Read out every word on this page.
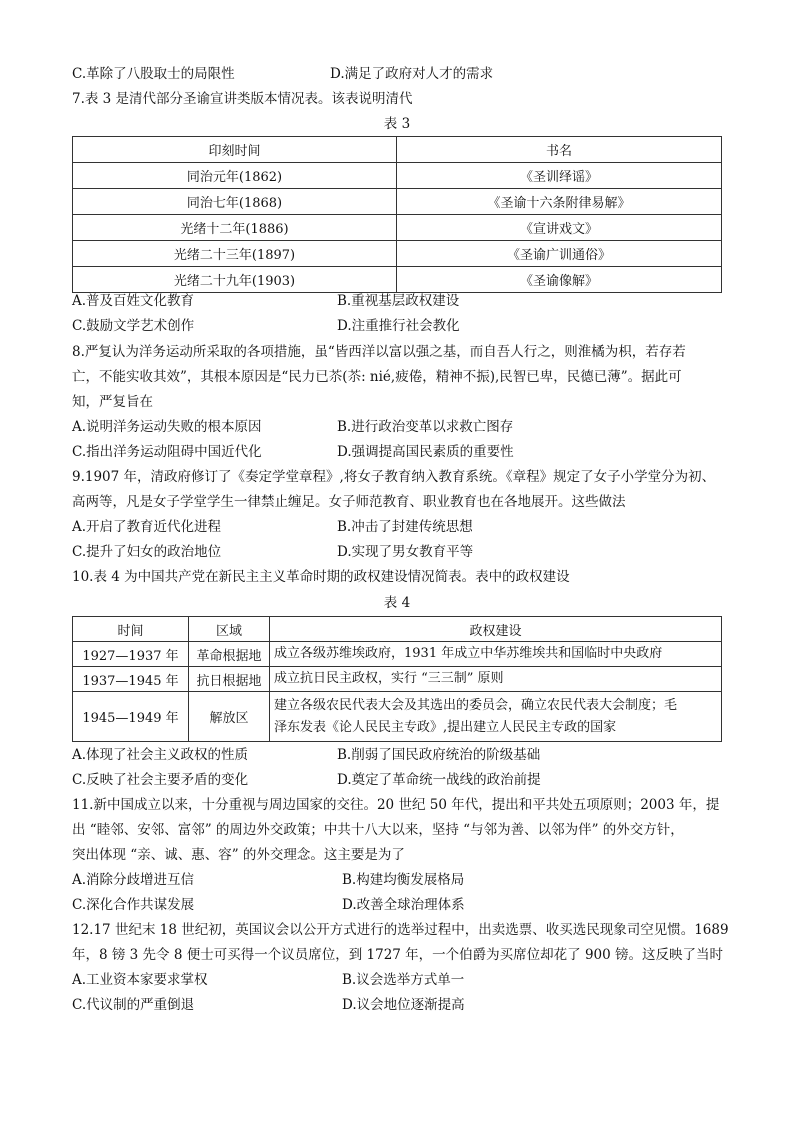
C.革除了八股取士的局限性	D.满足了政府对人才的需求
7.表 3 是清代部分圣谕宣讲类版本情况表。该表说明清代
表 3
印刻时间	书名
同治元年(1862)	《圣训绎谣》
同治七年(1868)	《圣谕十六条附律易解》
光绪十二年(1886)	《宣讲戏文》
光绪二十三年(1897)	《圣谕广训通俗》
光绪二十九年(1903)	《圣谕像解》
A.普及百姓文化教育	B.重视基层政权建设
C.鼓励文学艺术创作	D.注重推行社会教化
8.严复认为洋务运动所采取的各项措施，虽“皆西洋以富以强之基，而自吾人行之，则淮橘为枳，若存若
亡，不能实收其效”，其根本原因是“民力已苶(苶: nié,疲倦，精神不振),民智已卑，民德已薄”。据此可
知，严复旨在
A.说明洋务运动失败的根本原因	B.进行政治变革以求救亡图存
C.指出洋务运动阻碍中国近代化	D.强调提高国民素质的重要性
9.1907 年，清政府修订了《奏定学堂章程》,将女子教育纳入教育系统。《章程》规定了女子小学堂分为初、
高两等，凡是女子学堂学生一律禁止缠足。女子师范教育、职业教育也在各地展开。这些做法
A.开启了教育近代化进程	B.冲击了封建传统思想
C.提升了妇女的政治地位	D.实现了男女教育平等
10.表 4 为中国共产党在新民主主义革命时期的政权建设情况简表。表中的政权建设
表 4
时间	区域	政权建设
1927—1937 年	革命根据地	成立各级苏维埃政府，1931 年成立中华苏维埃共和国临时中央政府
1937—1945 年	抗日根据地	成立抗日民主政权，实行 “三三制” 原则
1945—1949 年	解放区	建立各级农民代表大会及其选出的委员会，确立农民代表大会制度；毛
泽东发表《论人民民主专政》,提出建立人民民主专政的国家
A.体现了社会主义政权的性质	B.削弱了国民政府统治的阶级基础
C.反映了社会主要矛盾的变化	D.奠定了革命统一战线的政治前提
11.新中国成立以来，十分重视与周边国家的交往。20 世纪 50 年代，提出和平共处五项原则；2003 年，提
出 “睦邻、安邻、富邻” 的周边外交政策；中共十八大以来，坚持 “与邻为善、以邻为伴” 的外交方针，
突出体现 “亲、诚、惠、容” 的外交理念。这主要是为了
A.消除分歧增进互信	B.构建均衡发展格局
C.深化合作共谋发展	D.改善全球治理体系
12.17 世纪末 18 世纪初，英国议会以公开方式进行的选举过程中，出卖选票、收买选民现象司空见惯。1689
年，8 镑 3 先令 8 便士可买得一个议员席位，到 1727 年，一个伯爵为买席位却花了 900 镑。这反映了当时
A.工业资本家要求掌权	B.议会选举方式单一
C.代议制的严重倒退	D.议会地位逐渐提高
